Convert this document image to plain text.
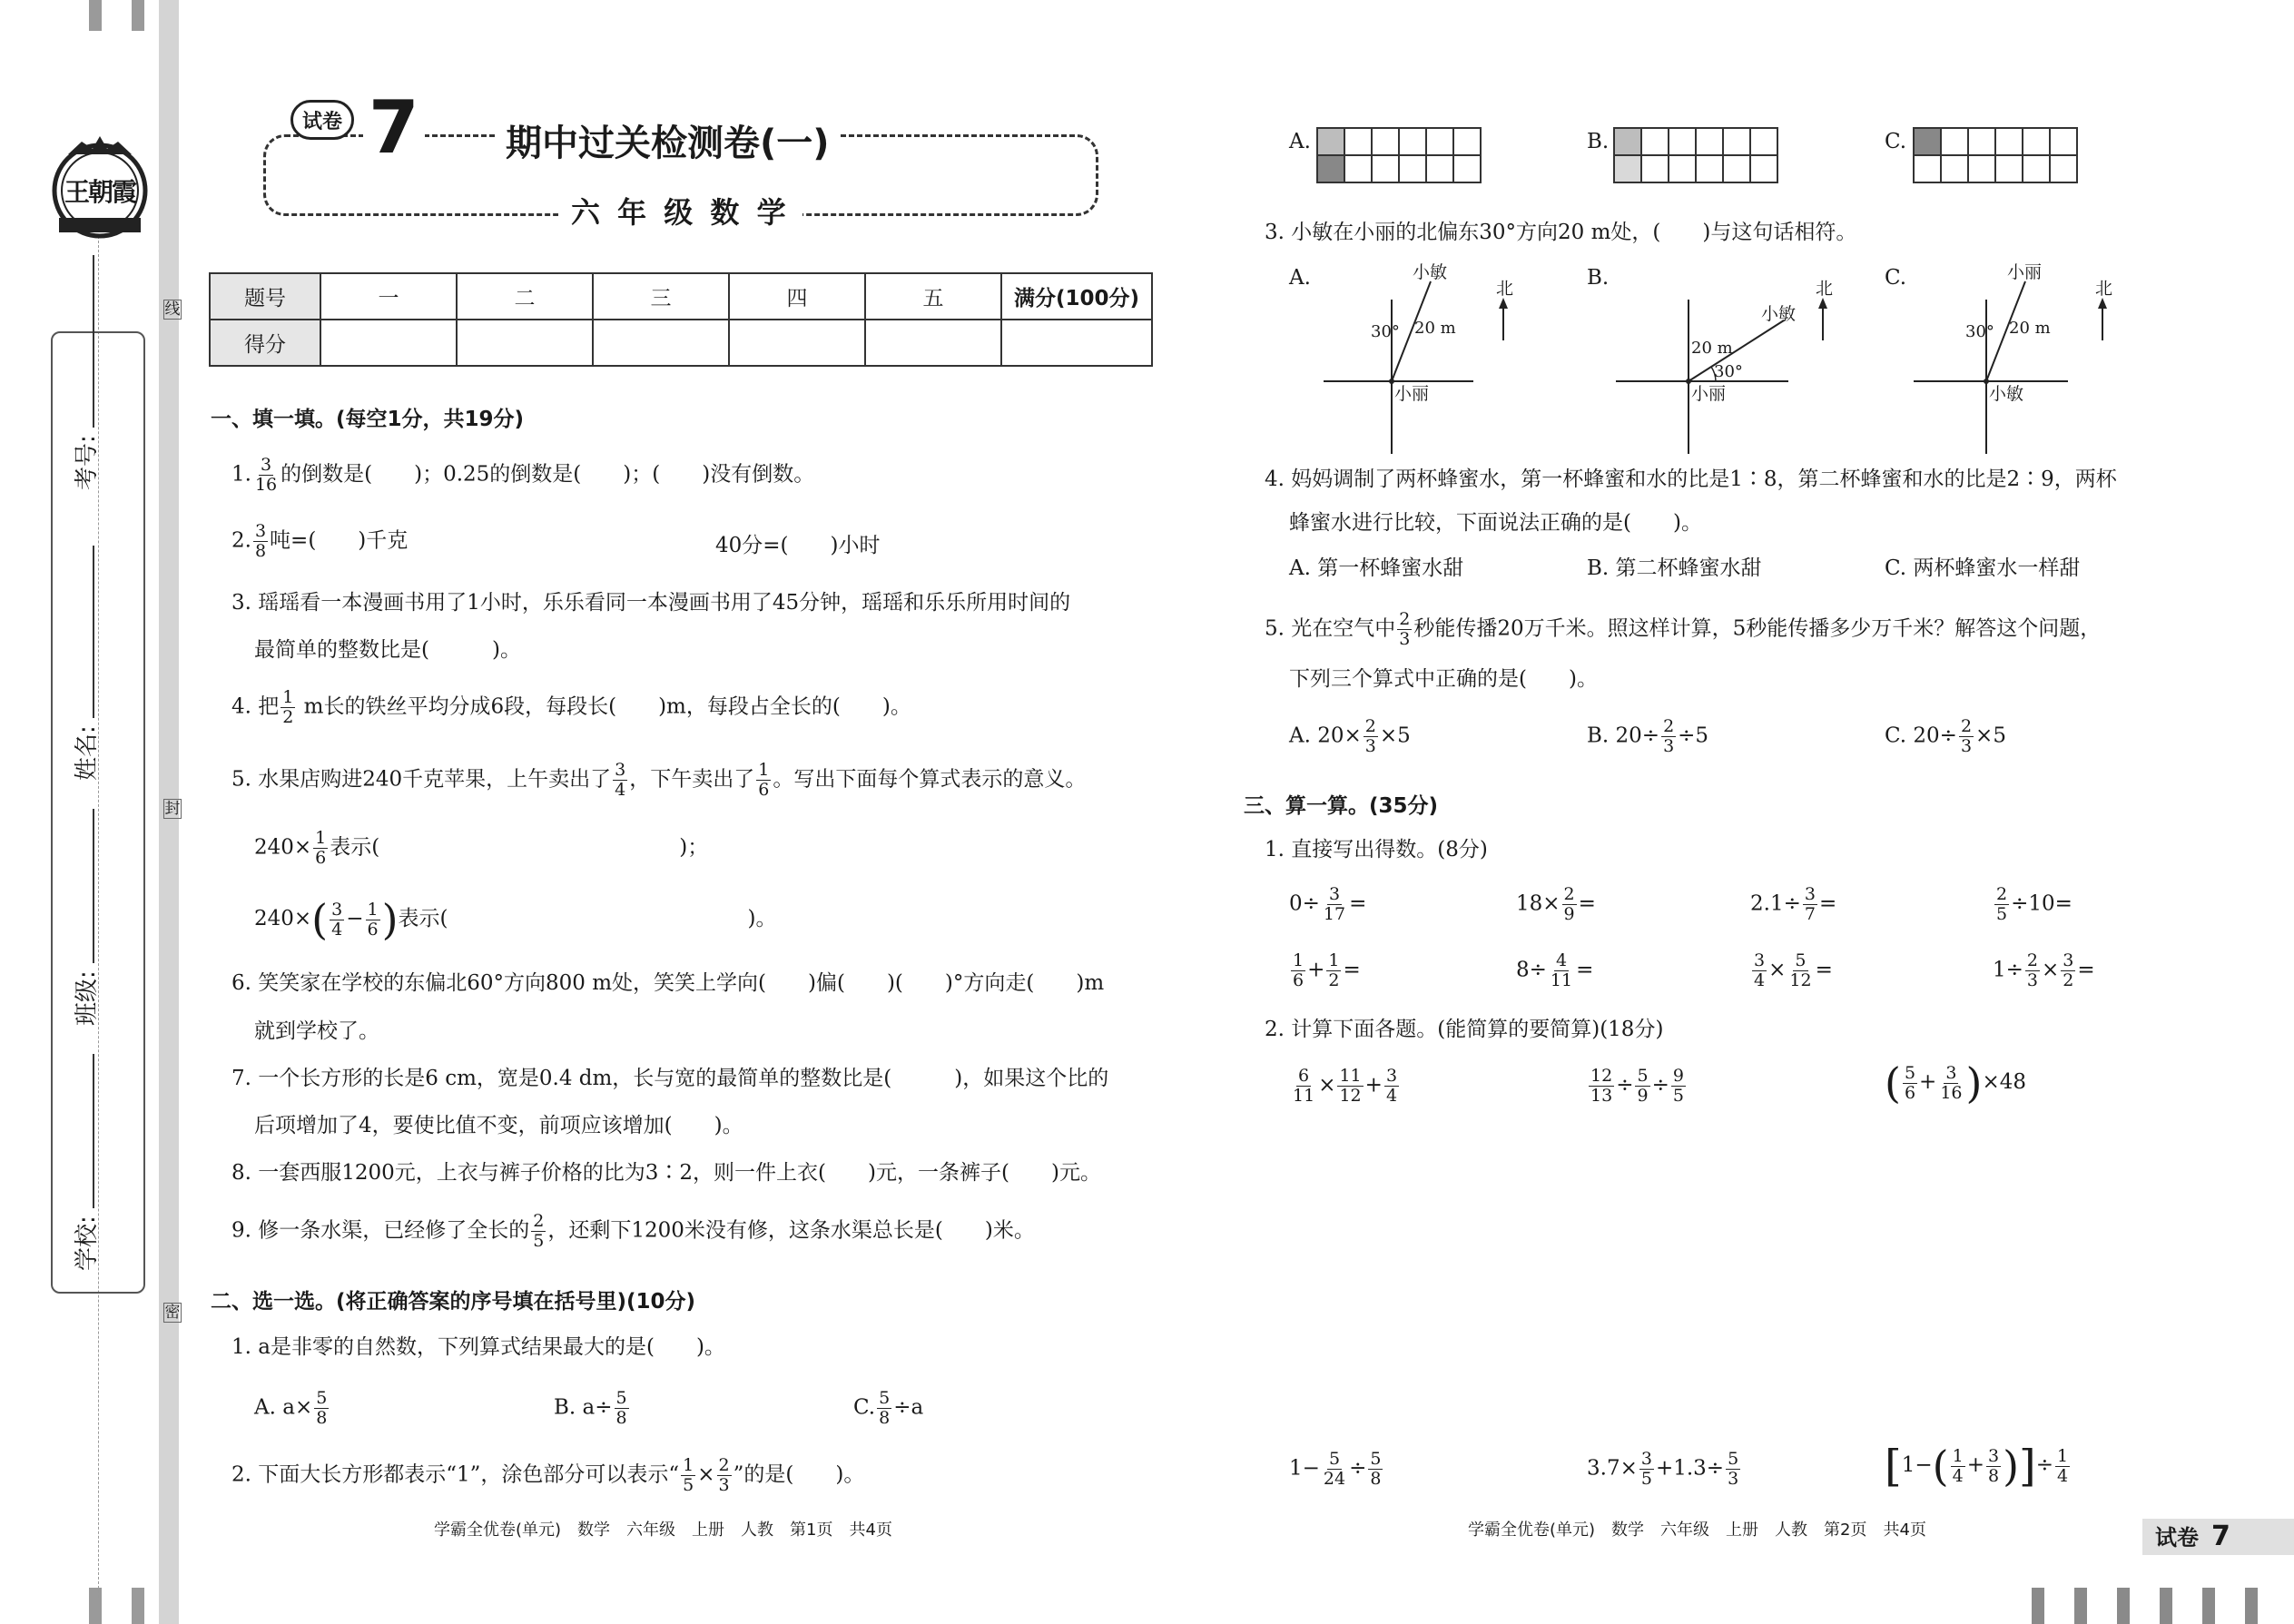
线
封
密
考号:
姓名:
班级:
学校:
王朝霞
试卷 7	期中过关检测卷(一)
六 年 级 数 学
题号	一	二	三	四	五	满分(100分)
得分						
一、填一填。(每空1分，共19分)
1. $\frac{3}{16}$ 的倒数是(　　)；0.25的倒数是(　　)；(　　)没有倒数。
2. $\frac{3}{8}$ 吨=(　　)千克	40分=(　　)小时
3. 瑶瑶看一本漫画书用了1小时，乐乐看同一本漫画书用了45分钟，瑶瑶和乐乐所用时间的
最简单的整数比是(　　　)。
4. 把 $\frac{1}{2}$ m长的铁丝平均分成6段，每段长(　　)m，每段占全长的(　　)。
5. 水果店购进240千克苹果，上午卖出了 $\frac{3}{4}$ ，下午卖出了 $\frac{1}{6}$ 。写出下面每个算式表示的意义。
$240\times \frac{1}{6}$ 表示(	)；
$240\times( \frac{3}{4} - \frac{1}{6}$ )表示(	)。
6. 笑笑家在学校的东偏北60°方向800 m处，笑笑上学向(　　)偏(　　)(　　)°方向走(　　)m
就到学校了。
7. 一个长方形的长是6 cm，宽是0.4 dm，长与宽的最简单的整数比是(　　　)，如果这个比的
后项增加了4，要使比值不变，前项应该增加(　　)。
8. 一套西服1200元，上衣与裤子价格的比为3∶2，则一件上衣(　　)元，一条裤子(　　)元。
9. 修一条水渠，已经修了全长的 $\frac{2}{5}$ ，还剩下1200米没有修，这条水渠总长是(　　)米。
二、选一选。(将正确答案的序号填在括号里)(10分)
1. a是非零的自然数，下列算式结果最大的是(　　)。
A. $a\times \frac{5}{8}$	B. $a\div \frac{5}{8}$	C. $\frac{5}{8} \div a$
2. 下面大长方形都表示“1”，涂色部分可以表示“ $\frac{1}{5} \times \frac{2}{3}$ ”的是(　　)。
学霸全优卷(单元)　数学　六年级　上册　人教　第1页　共4页
A.

						B.

						C.

3. 小敏在小丽的北偏东30°方向20 m处，(　　)与这句话相符。
A.	小敏
小丽
30° 20 m
北	B.
小敏
小丽
30°
20 m
北 C.	小丽
小敏
30° 20 m
北
4. 妈妈调制了两杯蜂蜜水，第一杯蜂蜜和水的比是1∶8，第二杯蜂蜜和水的比是2∶9，两杯
蜂蜜水进行比较，下面说法正确的是(　　)。
A. 第一杯蜂蜜水甜	B. 第二杯蜂蜜水甜	C. 两杯蜂蜜水一样甜
5. 光在空气中 $\frac{2}{3}$ 秒能传播20万千米。照这样计算，5秒能传播多少万千米？解答这个问题，
下列三个算式中正确的是(　　)。
A. $20\times \frac{2}{3} \times 5$	B. $20\div \frac{2}{3} \div 5$	C. $20\div \frac{2}{3} \times 5$
三、算一算。(35分)
1. 直接写出得数。(8分)
$0\div \frac{3}{17}$ =	$18\times \frac{2}{9}$ =	$2.1\div \frac{3}{7}$ =	$\frac{2}{5} \div 10=$
$\frac{1}{6} + \frac{1}{2}$ =	$8\div \frac{4}{11}$ =	$\frac{3}{4} \times \frac{5}{12}$ =	$1\div \frac{2}{3} \times \frac{3}{2}$ =
2. 计算下面各题。(能简算的要简算)(18分)
$\frac{6}{11} \times \frac{11}{12} + \frac{3}{4}$	$\frac{12}{13} \div \frac{5}{9} \div \frac{9}{5}$	( $\frac{5}{6} + \frac{3}{16} )\times 48$
$1- \frac{5}{24} \div \frac{5}{8}$	$3.7\times \frac{3}{5} +1.3\div \frac{5}{3}$	[$1-( \frac{1}{4} + \frac{3}{8}$ )]÷ $\frac{1}{4}$
学霸全优卷(单元)　数学　六年级　上册　人教　第2页　共4页	试卷 7
